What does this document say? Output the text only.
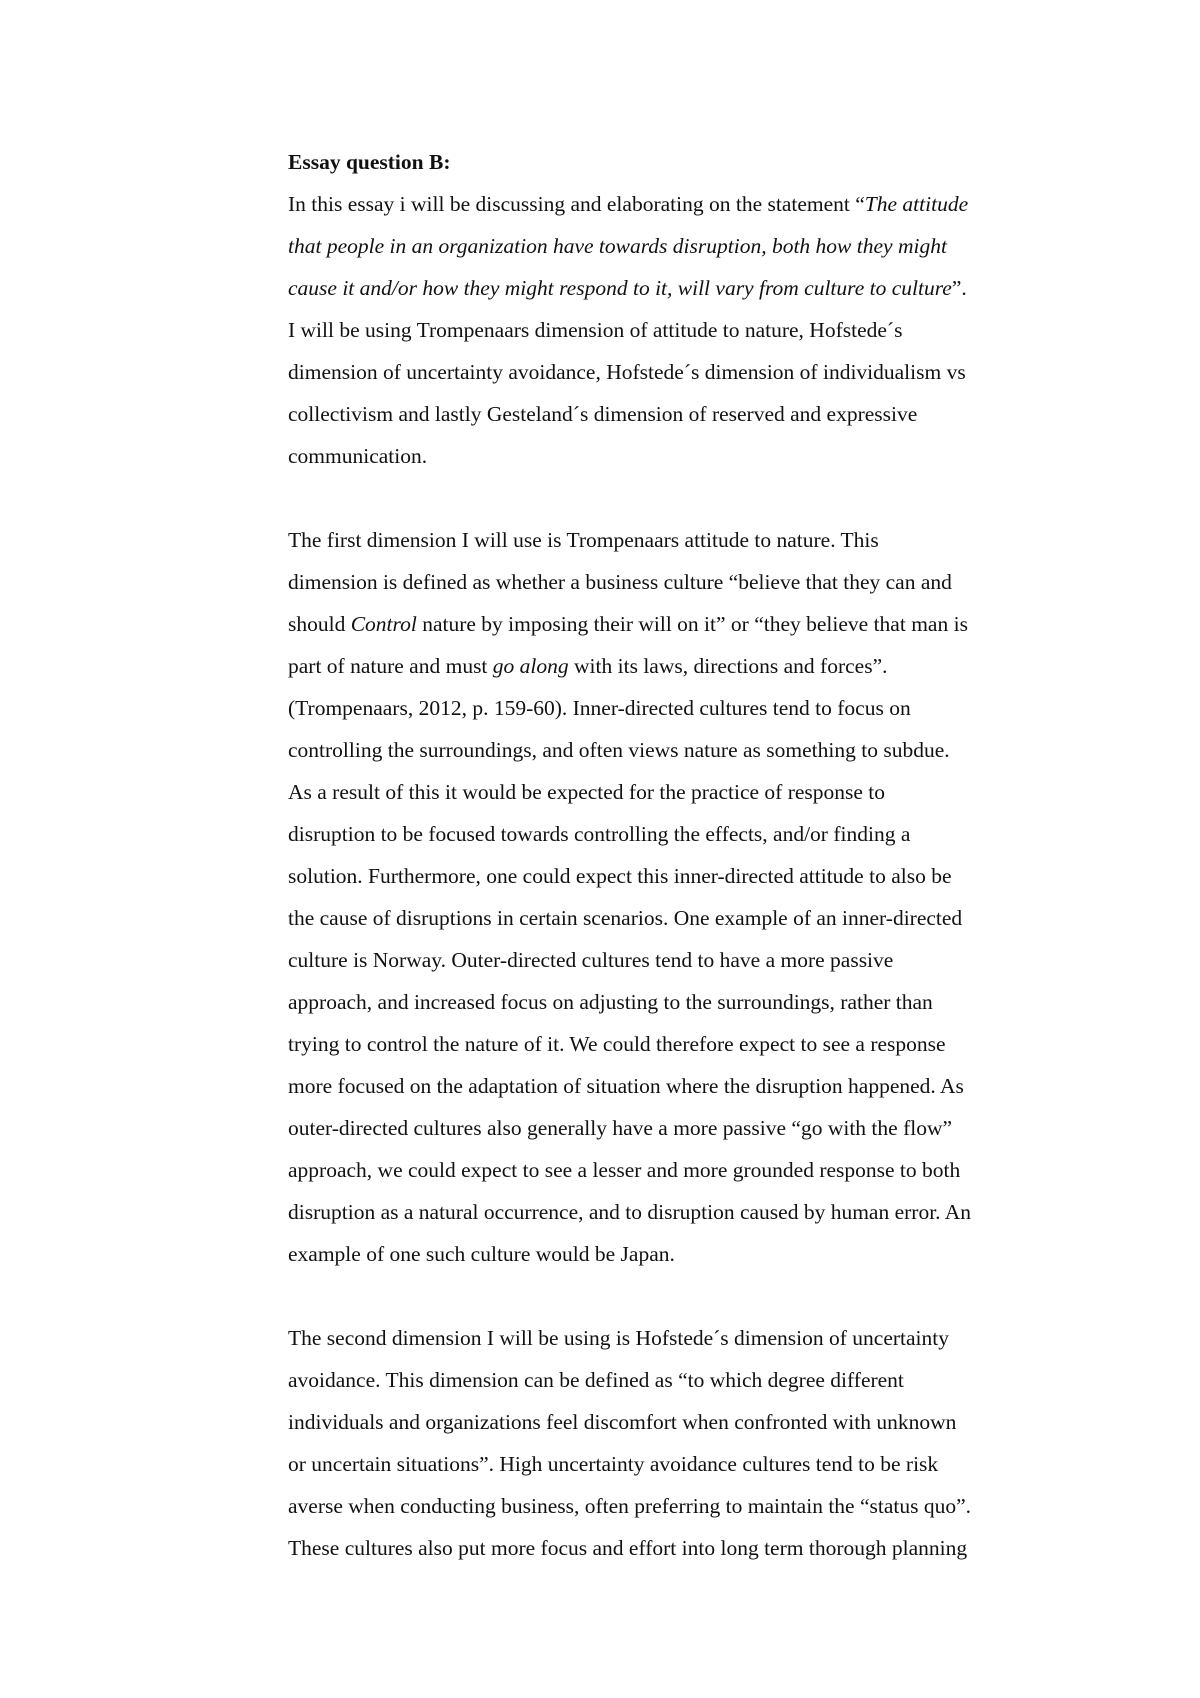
Essay question B:
In this essay i will be discussing and elaborating on the statement “The attitude
that people in an organization have towards disruption, both how they might
cause it and/or how they might respond to it, will vary from culture to culture”.
I will be using Trompenaars dimension of attitude to nature, Hofstede´s
dimension of uncertainty avoidance, Hofstede´s dimension of individualism vs
collectivism and lastly Gesteland´s dimension of reserved and expressive
communication.
The first dimension I will use is Trompenaars attitude to nature. This
dimension is defined as whether a business culture “believe that they can and
should Control nature by imposing their will on it” or “they believe that man is
part of nature and must go along with its laws, directions and forces”.
(Trompenaars, 2012, p. 159-60). Inner-directed cultures tend to focus on
controlling the surroundings, and often views nature as something to subdue.
As a result of this it would be expected for the practice of response to
disruption to be focused towards controlling the effects, and/or finding a
solution. Furthermore, one could expect this inner-directed attitude to also be
the cause of disruptions in certain scenarios. One example of an inner-directed
culture is Norway. Outer-directed cultures tend to have a more passive
approach, and increased focus on adjusting to the surroundings, rather than
trying to control the nature of it. We could therefore expect to see a response
more focused on the adaptation of situation where the disruption happened. As
outer-directed cultures also generally have a more passive “go with the flow”
approach, we could expect to see a lesser and more grounded response to both
disruption as a natural occurrence, and to disruption caused by human error. An
example of one such culture would be Japan.
The second dimension I will be using is Hofstede´s dimension of uncertainty
avoidance. This dimension can be defined as “to which degree different
individuals and organizations feel discomfort when confronted with unknown
or uncertain situations”. High uncertainty avoidance cultures tend to be risk
averse when conducting business, often preferring to maintain the “status quo”.
These cultures also put more focus and effort into long term thorough planning
